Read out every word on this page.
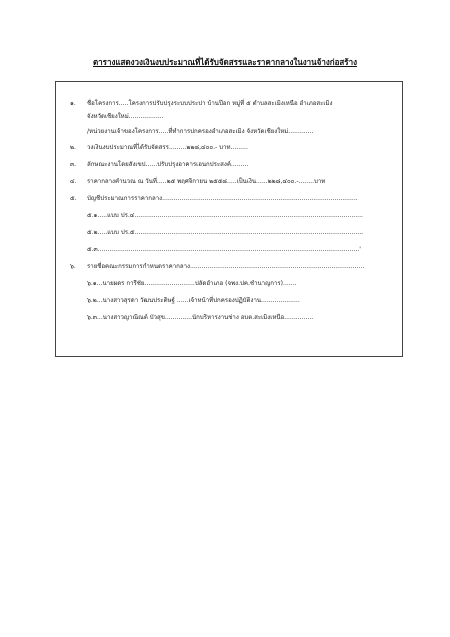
ตารางแสดงวงเงินงบประมาณที่ได้รับจัดสรรและราคากลางในงานจ้างก่อสร้าง
๑. ชื่อโครงการ.....โครงการปรับปรุงระบบประปา บ้านป๊อก หมู่ที่ ๕ ตำบลสะเมิงเหนือ อำเภอสะเมิง
จังหวัดเชียงใหม่..................
/หน่วยงานเจ้าของโครงการ.....ที่ทำการปกครองอำเภอสะเมิง จังหวัดเชียงใหม่.............
๒. วงเงินงบประมาณที่ได้รับจัดสรร.........๒๒๘,๔๐๐.- บาท.........
๓. ลักษณะงานโดยสังเขป......ปรับปรุงอาคารเอนกประสงค์.........
๔. ราคากลางคำนวณ ณ วันที่.....๒๕ พฤศจิกายน ๒๕๕๘.....เป็นเงิน......๒๒๘,๔๐๐.-........บาท
๕. บัญชีประมาณการราคากลาง.....................................................................................................
๕.๑.....แบบ ปร.๔......................................................................................................................
๕.๒.....แบบ ปร.๕......................................................................................................................
๕.๓.......................................................................................................................................'
๖. รายชื่อคณะกรรมการกำหนดราคากลาง..........................................................................................
๖.๑...นายผดร การีชัย..........................ปลัดอำเภอ (จพง.ปค.ชำนาญการ).......
๖.๒...นางสาวสุรดา วัฒนประดิษฐ์ ......เจ้าหน้าที่ปกครองปฏิบัติงาน....................
๖.๓...นางสาวญาณิณต์ บัวสุข..............นักบริหารงานช่าง อบต.สะเมิงเหนือ...............
